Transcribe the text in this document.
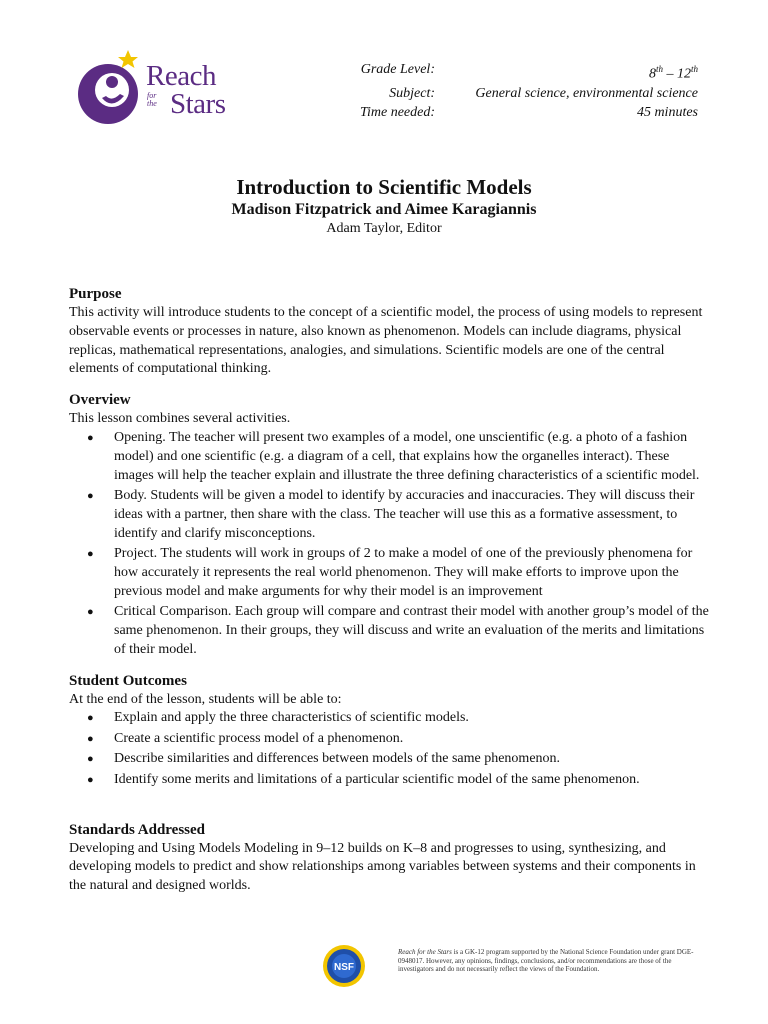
Reach
Stars
for the
Grade Level:	8th – 12th
Subject:	General science, environmental science
Time needed:	45 minutes
Introduction to Scientific Models

Madison Fitzpatrick and Aimee Karagiannis

Adam Taylor, Editor

Purpose

This activity will introduce students to the concept of a scientific model, the process of using models to represent observable events or processes in nature, also known as phenomenon. Models can include diagrams, physical replicas, mathematical representations, analogies, and simulations. Scientific models are one of the central elements of computational thinking.

Overview

This lesson combines several activities.

● Opening. The teacher will present two examples of a model, one unscientific (e.g. a photo of a fashion model) and one scientific (e.g. a diagram of a cell, that explains how the organelles interact). These images will help the teacher explain and illustrate the three defining characteristics of a scientific model.
● Body. Students will be given a model to identify by accuracies and inaccuracies. They will discuss their ideas with a partner, then share with the class. The teacher will use this as a formative assessment, to identify and clarify misconceptions.
● Project. The students will work in groups of 2 to make a model of one of the previously phenomena for how accurately it represents the real world phenomenon. They will make efforts to improve upon the previous model and make arguments for why their model is an improvement
● Critical Comparison. Each group will compare and contrast their model with another group’s model of the same phenomenon. In their groups, they will discuss and write an evaluation of the merits and limitations of their model.

Student Outcomes

At the end of the lesson, students will be able to:

● Explain and apply the three characteristics of scientific models.
● Create a scientific process model of a phenomenon.
● Describe similarities and differences between models of the same phenomenon.
● Identify some merits and limitations of a particular scientific model of the same phenomenon.

Standards Addressed

Developing and Using Models Modeling in 9–12 builds on K–8 and progresses to using, synthesizing, and developing models to predict and show relationships among variables between systems and their components in the natural and designed worlds.

NSF
Reach for the Stars is a GK-12 program supported by the National Science Foundation under grant DGE-0948017. However, any opinions, findings, conclusions, and/or recommendations are those of the investigators and do not necessarily reflect the views of the Foundation.
